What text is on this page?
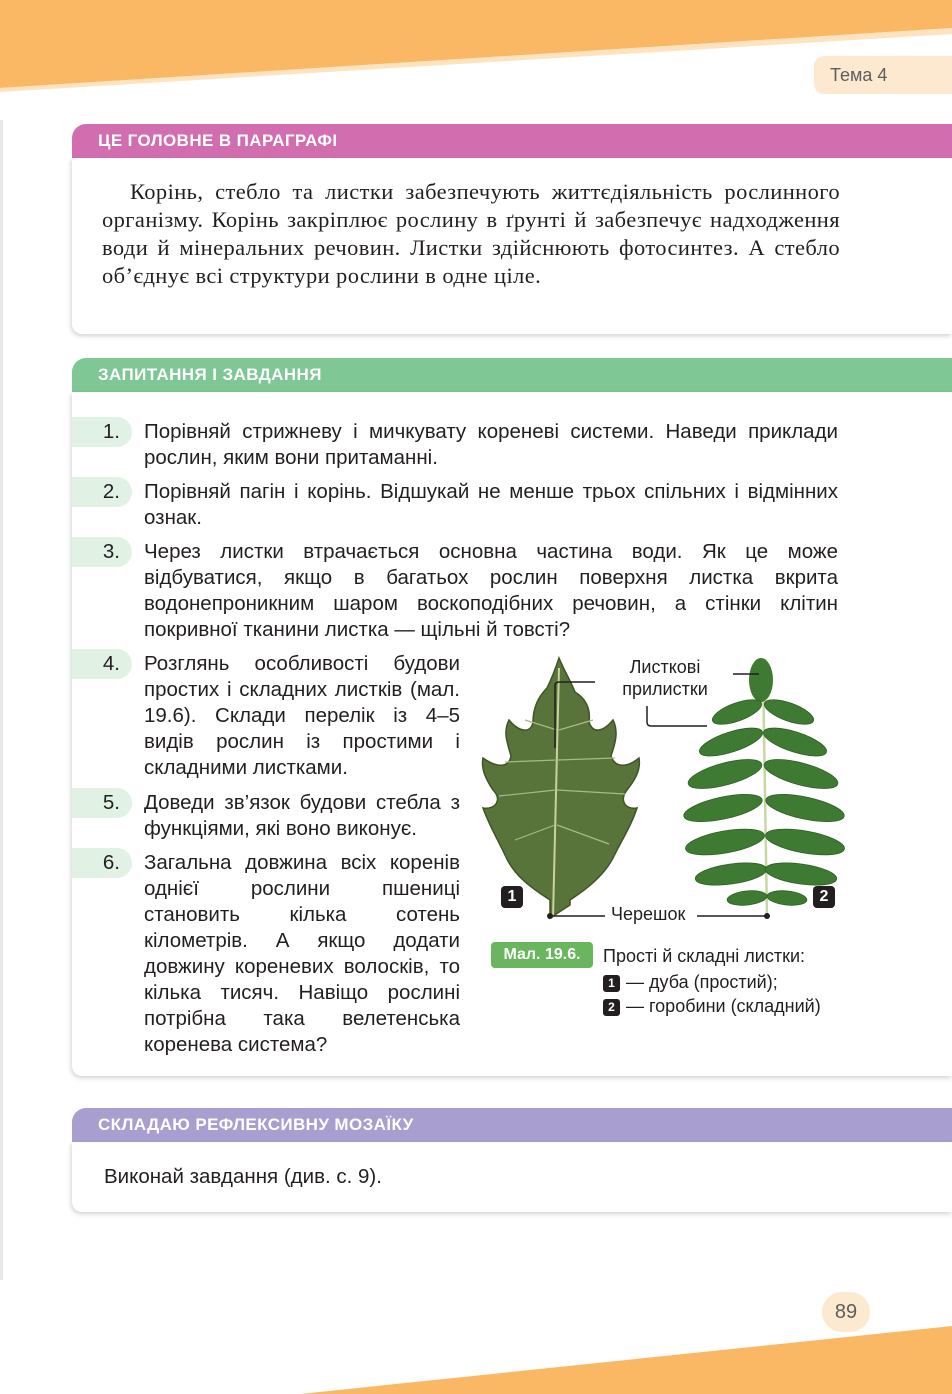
Тема 4
ЦЕ ГОЛОВНЕ В ПАРАГРАФІ

Корінь, стебло та листки забезпечують життєдіяльність рослинного організму. Корінь закріплює рослину в ґрунті й забезпечує надходження води й мінеральних речовин. Листки здійснюють фотосинтез. А стебло об’єднує всі структури рослини в одне ціле.

ЗАПИТАННЯ І ЗАВДАННЯ
1.	Порівняй стрижневу і мичкувату кореневі системи. Наведи приклади рослин, яким вони притаманні.

2.	Порівняй пагін і корінь. Відшукай не менше трьох спільних і відмінних ознак.

3.	Через листки втрачається основна частина води. Як це може відбуватися, якщо в багатьох рослин поверхня листка вкрита водонепроникним шаром воскоподібних речовин, а стінки клітин покривної тканини листка — щільні й товсті?

4.	Розглянь особливості будови простих і складних листків (мал. 19.6). Склади перелік із 4–5 видів рослин із простими і складними листками.

5.	Доведи зв’язок будови стебла з функціями, які воно виконує.

6.	Загальна довжина всіх коренів однієї рослини пшениці становить кілька сотень кілометрів. А якщо додати довжину кореневих волосків, то кілька тисяч. Навіщо рослині потрібна така велетенська коренева система?

Листкові прилистки
Черешок
1	2
Мал. 19.6.	Прості й складні листки:
1 — дуба (простий);
2 — горобини (складний)
СКЛАДАЮ РЕФЛЕКСИВНУ МОЗАЇКУ
Виконай завдання (див. с. 9).
89
